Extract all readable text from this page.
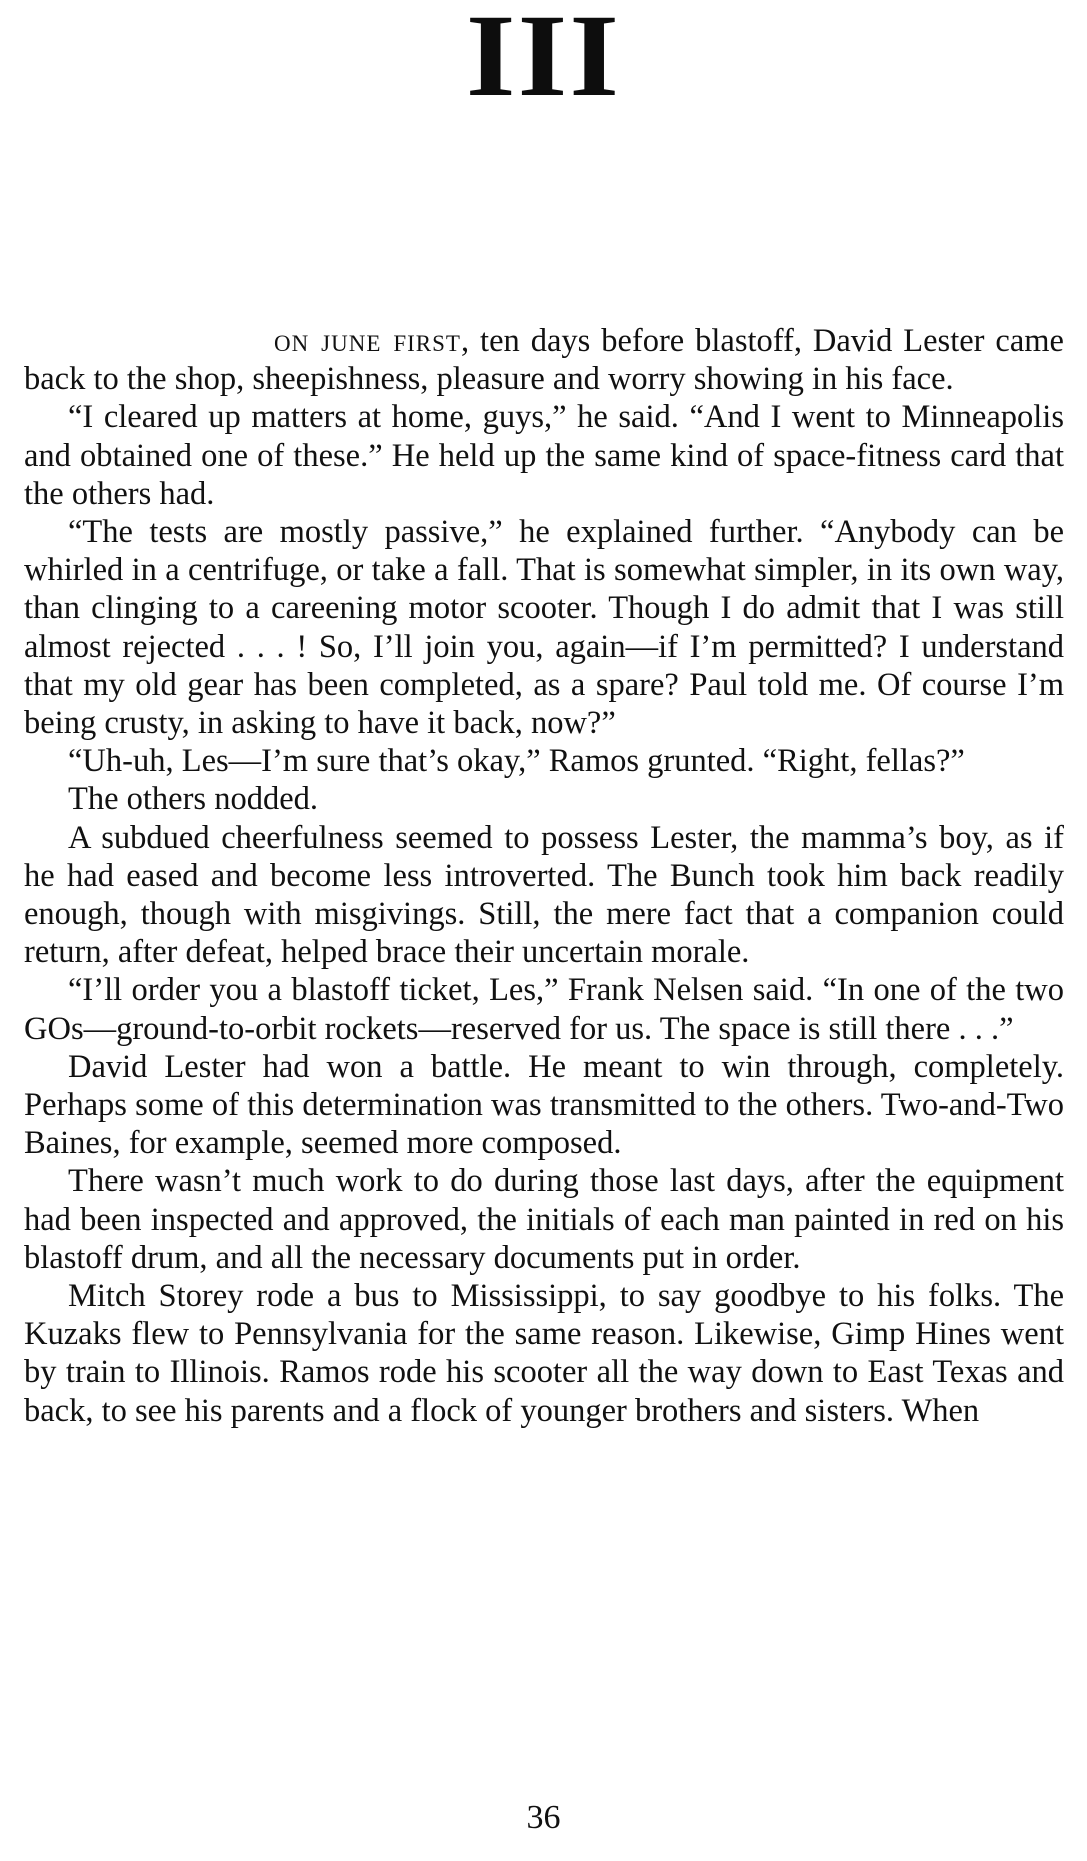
III

on june first, ten days before blastoff, David Lester came back to the shop, sheepishness, pleasure and worry showing in his face.

“I cleared up matters at home, guys,” he said. “And I went to Minneapolis and obtained one of these.” He held up the same kind of space-fitness card that the others had.

“The tests are mostly passive,” he explained further. “Anybody can be whirled in a centrifuge, or take a fall. That is somewhat simpler, in its own way, than clinging to a careening motor scooter. Though I do admit that I was still almost rejected . . . ! So, I’ll join you, again—if I’m permitted? I understand that my old gear has been completed, as a spare? Paul told me. Of course I’m being crusty, in asking to have it back, now?”

“Uh-uh, Les—I’m sure that’s okay,” Ramos grunted. “Right, fellas?”

The others nodded.

A subdued cheerfulness seemed to possess Lester, the mamma’s boy, as if he had eased and become less introverted. The Bunch took him back readily enough, though with misgivings. Still, the mere fact that a companion could return, after defeat, helped brace their uncertain morale.

“I’ll order you a blastoff ticket, Les,” Frank Nelsen said. “In one of the two GOs—ground-to-orbit rockets—reserved for us. The space is still there . . .”

David Lester had won a battle. He meant to win through, completely. Perhaps some of this determination was transmitted to the others. Two-and-Two Baines, for example, seemed more composed.

There wasn’t much work to do during those last days, after the equipment had been inspected and approved, the initials of each man painted in red on his blastoff drum, and all the necessary documents put in order.

Mitch Storey rode a bus to Mississippi, to say goodbye to his folks. The Kuzaks flew to Pennsylvania for the same reason. Likewise, Gimp Hines went by train to Illinois. Ramos rode his scooter all the way down to East Texas and back, to see his parents and a flock of younger brothers and sisters. When

36
